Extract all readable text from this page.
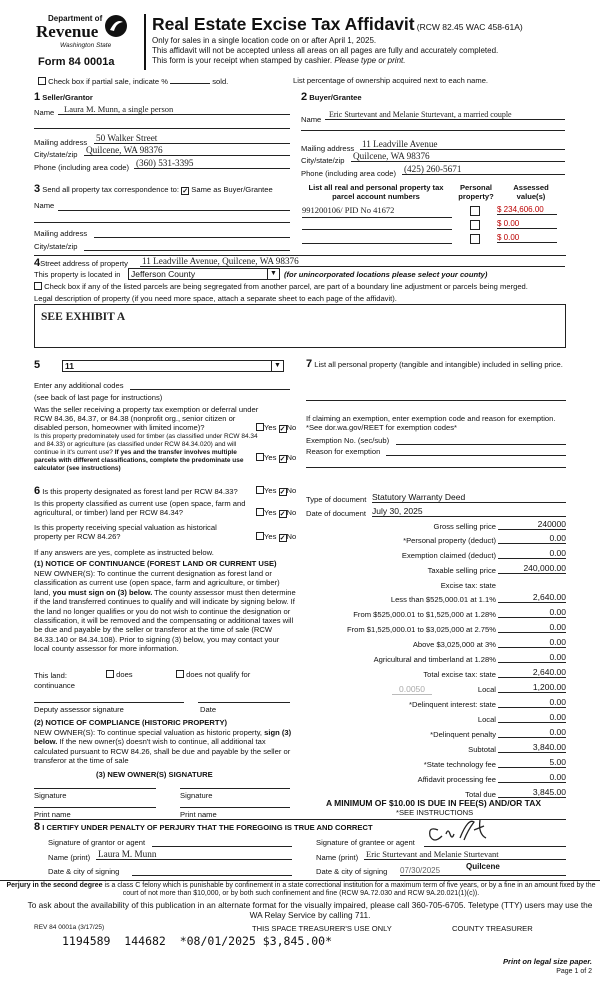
Department of
Revenue
Washington State
Form 84 0001a
Real Estate Excise Tax Affidavit (RCW 82.45 WAC 458-61A)
Only for sales in a single location code on or after April 1, 2025.
This affidavit will not be accepted unless all areas on all pages are fully and accurately completed.
This form is your receipt when stamped by cashier. Please type or print.
Check box if partial sale, indicate %	sold.	List percentage of ownership acquired next to each name.
1 Seller/Grantor
Name	Laura M. Munn, a single person
Mailing address 50 Walker Street
City/state/zip Quilcene, WA 98376
Phone (including area code) (360) 531-3395
2 Buyer/Grantee
Name
Eric Sturtevant and Melanie Sturtevant, a married couple
Mailing address 11 Leadville Avenue
City/state/zip Quilcene, WA 98376
Phone (including area code) (425) 260-5671
3 Send all property tax correspondence to: ✓ Same as Buyer/Grantee
Name
Mailing address
City/state/zip
List all real and personal property tax parcel account numbers
Personal property?
Assessed value(s)
991200106/ PID No 41672	$ 234,606.00
$ 0.00
$ 0.00
4Street address of property 11 Leadville Avenue, Quilcene, WA 98376
This property is located in	Jefferson County	▼ (for unincorporated locations please select your county)
Check box if any of the listed parcels are being segregated from another parcel, are part of a boundary line adjustment or parcels being merged.
Legal description of property (if you need more space, attach a separate sheet to each page of the affidavit).
SEE EXHIBIT A
5	11	▼
Enter any additional codes
(see back of last page for instructions)
Was the seller receiving a property tax exemption or deferral under RCW 84.36, 84.37, or 84.38 (nonprofit org., senior citizen or disabled person, homeowner with limited income)?	Yes ✓No
Is this property predominately used for timber (as classified under RCW 84.34 and 84.33) or agriculture (as classified under RCW 84.34.020) and will continue in it's current use? If yes and the transfer involves multiple parcels with different classifications, complete the predominate use calculator (see instructions)
Yes ✓No
6 Is this property designated as forest land per RCW 84.33?	Yes ✓No
Is this property classified as current use (open space, farm and agricultural, or timber) land per RCW 84.34?	Yes ✓No
Is this property receiving special valuation as historical property per RCW 84.26?	Yes ✓No
If any answers are yes, complete as instructed below.
(1) NOTICE OF CONTINUANCE (FOREST LAND OR CURRENT USE)
NEW OWNER(S): To continue the current designation as forest land or classification as current use (open space, farm and agriculture, or timber) land, you must sign on (3) below. The county assessor must then determine if the land transferred continues to qualify and will indicate by signing below. If the land no longer qualifies or you do not wish to continue the designation or classification, it will be removed and the compensating or additional taxes will be due and payable by the seller or transferor at the time of sale (RCW 84.33.140 or 84.34.108). Prior to signing (3) below, you may contact your local county assessor for more information.
This land:	does	does not qualify for
continuance
Deputy assessor signature	Date
(2) NOTICE OF COMPLIANCE (HISTORIC PROPERTY)
NEW OWNER(S): To continue special valuation as historic property, sign (3) below. If the new owner(s) doesn't wish to continue, all additional tax calculated pursuant to RCW 84.26, shall be due and payable by the seller or transferor at the time of sale
(3) NEW OWNER(S) SIGNATURE
Signature	Signature
Print name	Print name
7 List all personal property (tangible and intangible) included in selling price.
If claiming an exemption, enter exemption code and reason for exemption. *See dor.wa.gov/REET for exemption codes*
Exemption No. (sec/sub)
Reason for exemption
Type of document Statutory Warranty Deed
Date of document July 30, 2025
Gross selling price	240000
*Personal property (deduct)	0.00
Exemption claimed (deduct)	0.00
Taxable selling price	240,000.00
Excise tax: state
Less than $525,000.01 at 1.1%	2,640.00
From $525,000.01 to $1,525,000 at 1.28%	0.00
From $1,525,000.01 to $3,025,000 at 2.75%	0.00
Above $3,025,000 at 3%	0.00
Agricultural and timberland at 1.28%	0.00
Total excise tax: state	2,640.00
Local	1,200.00
*Delinquent interest: state	0.00
Local	0.00
*Delinquent penalty	0.00
Subtotal	3,840.00
*State technology fee	5.00
Affidavit processing fee	0.00
Total due	3,845.00
0.0050
A MINIMUM OF $10.00 IS DUE IN FEE(S) AND/OR TAX
*SEE INSTRUCTIONS
8 I CERTIFY UNDER PENALTY OF PERJURY THAT THE FOREGOING IS TRUE AND CORRECT
Signature of grantor or agent
Name (print) Laura M. Munn
Date & city of signing
Signature of grantee or agent
Name (print) Eric Sturtevant and Melanie Sturtevant
Date & city of signing 07/30/2025	Quilcene
Perjury in the second degree is a class C felony which is punishable by confinement in a state correctional institution for a maximum term of five years, or by a fine in an amount fixed by the court of not more than $10,000, or by both such confinement and fine (RCW 9A.72.030 and RCW 9A.20.021(1)(c)).
To ask about the availability of this publication in an alternate format for the visually impaired, please call 360-705-6705. Teletype (TTY) users may use the WA Relay Service by calling 711.
REV 84 0001a (3/17/25)	THIS SPACE TREASURER'S USE ONLY	COUNTY TREASURER
1194589  144682  *08/01/2025 $3,845.00*
Print on legal size paper.
Page 1 of 2
